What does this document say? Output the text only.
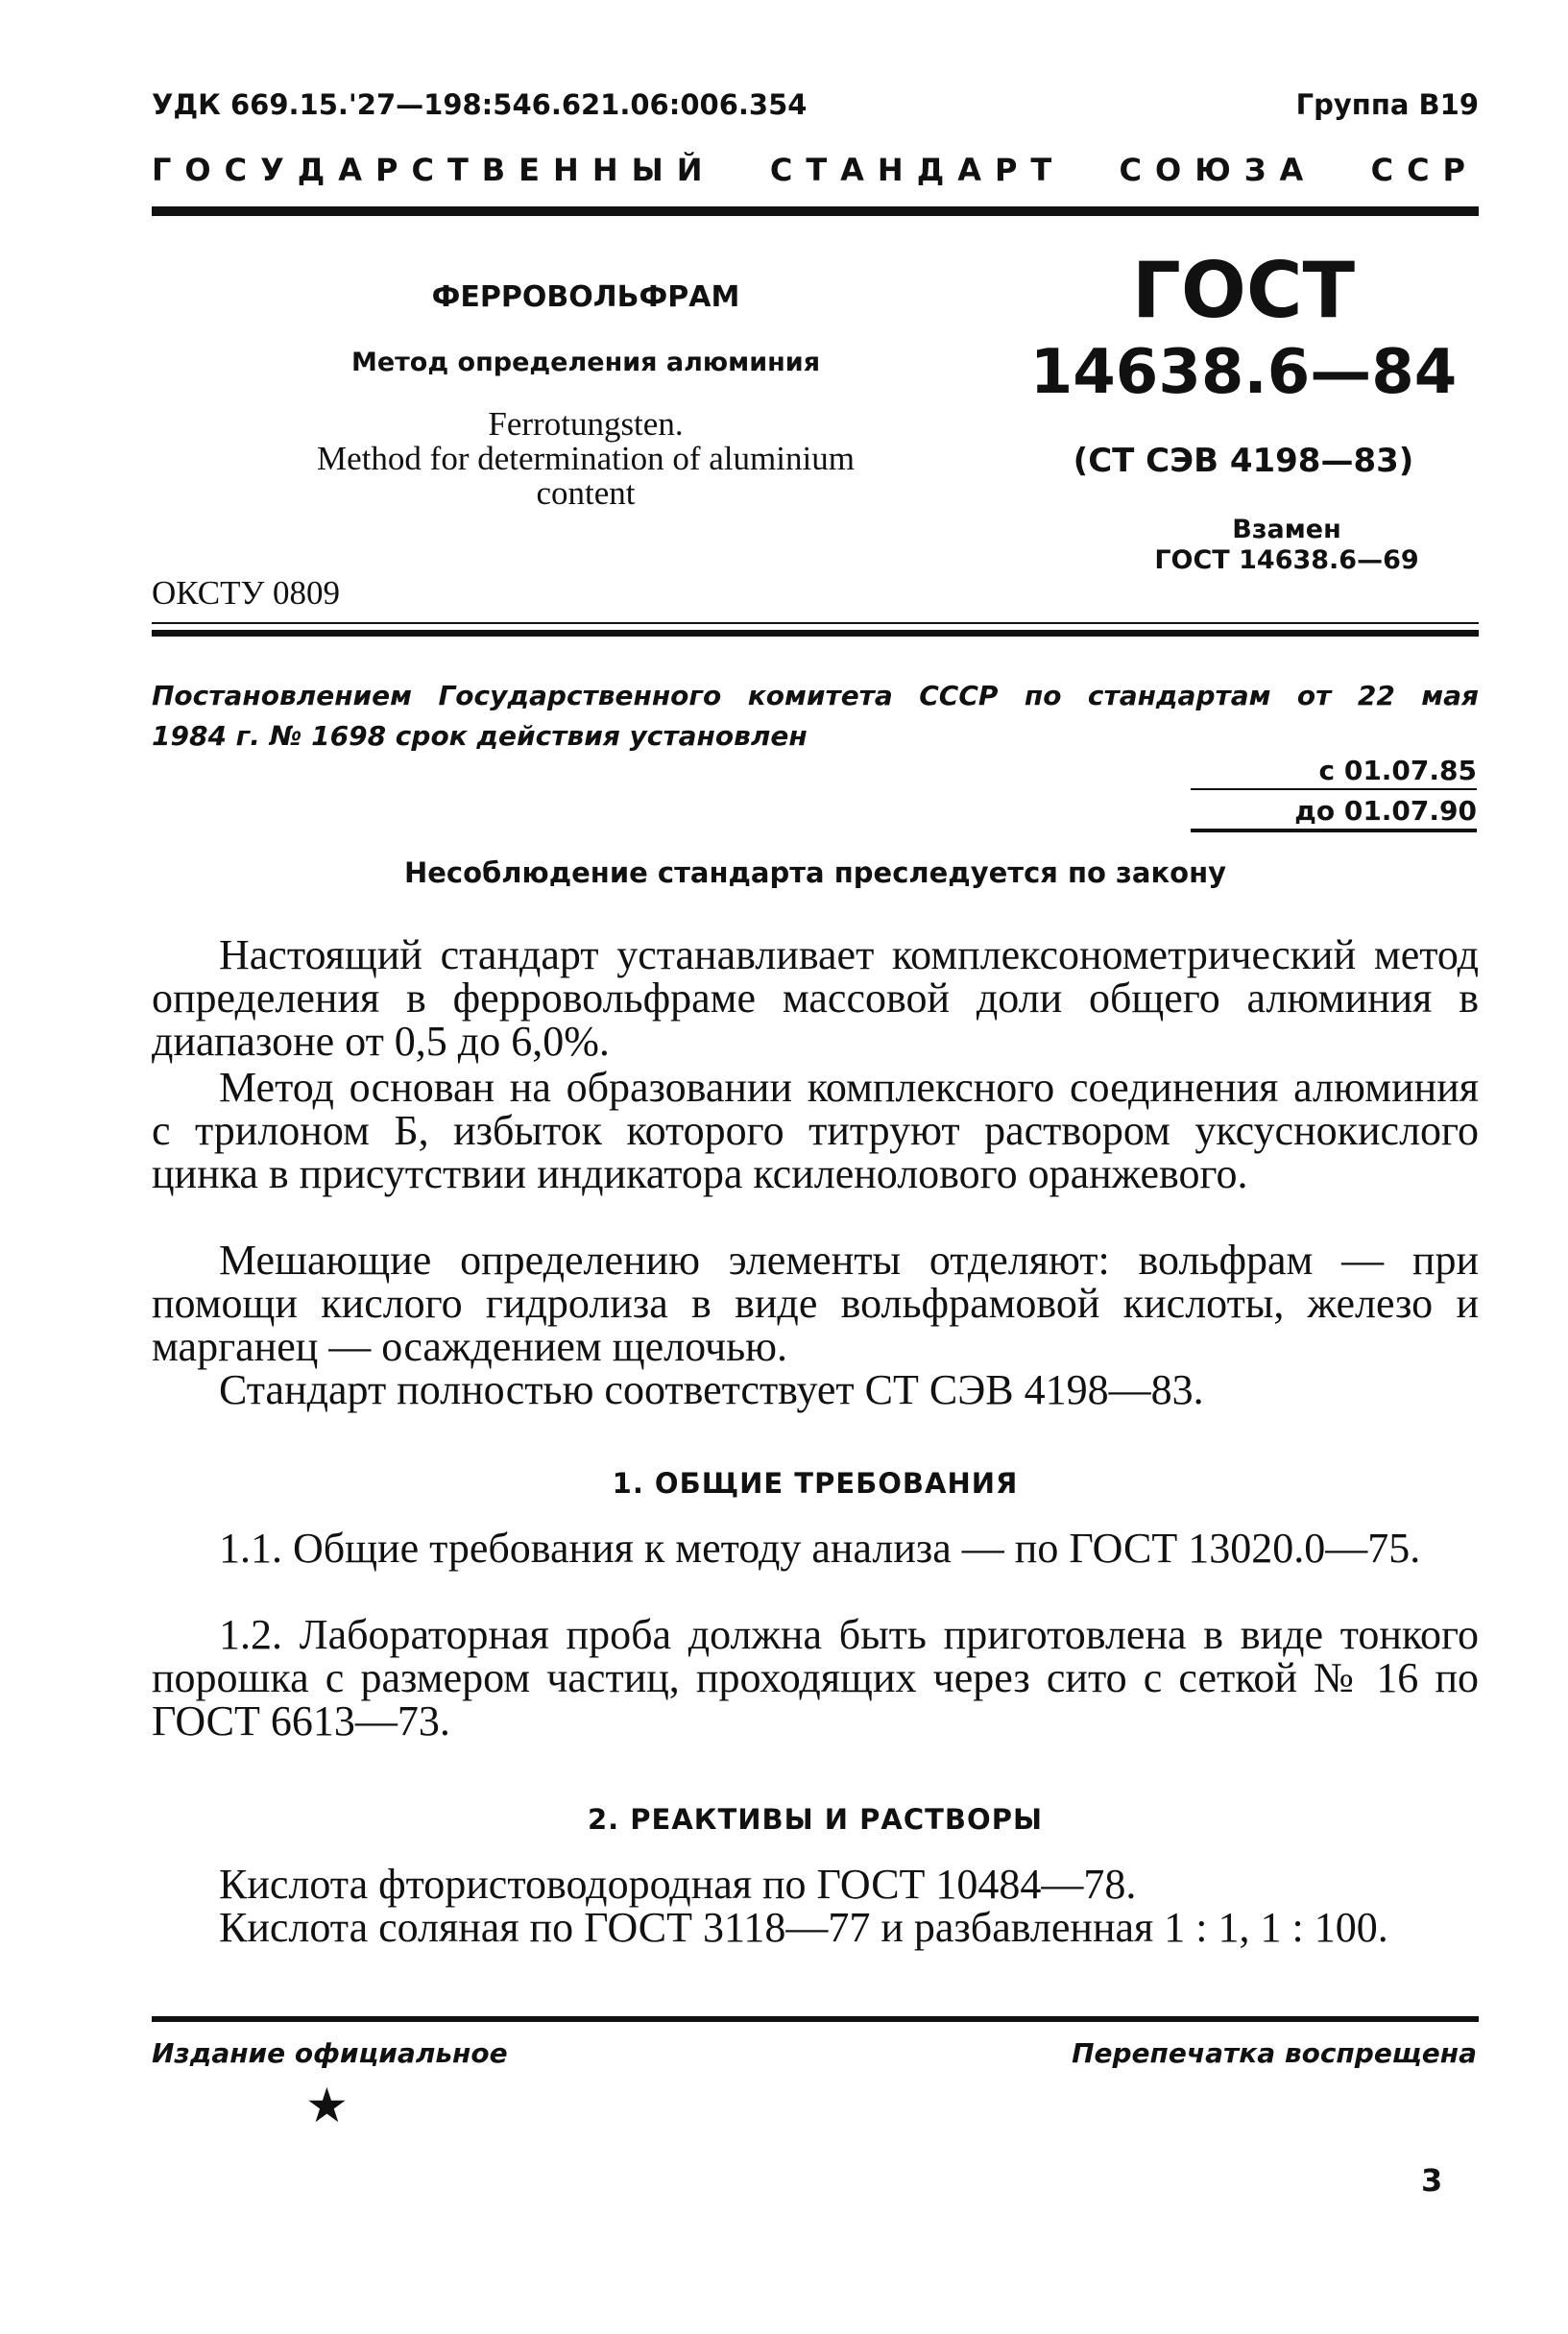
УДК 669.15.'27—198:546.621.06:006.354	Группа В19
ГОСУДАРСТВЕННЫЙ СТАНДАРТ СОЮЗА ССР
ФЕРРОВОЛЬФРАМ
Метод определения алюминия
Ferrotungsten.
Method for determination of aluminium
content
ОКСТУ 0809
ГОСТ
14638.6—84
(СТ СЭВ 4198—83)
Взамен
ГОСТ 14638.6—69
Постановлением Государственного комитета СССР по стандартам от 22 мая
1984 г. № 1698 срок действия установлен
с 01.07.85
до 01.07.90
Несоблюдение стандарта преследуется по закону
Настоящий стандарт устанавливает комплексонометрический метод определения в ферровольфраме массовой доли общего алюминия в диапазоне от 0,5 до 6,0%.
Метод основан на образовании комплексного соединения алюминия с трилоном Б, избыток которого титруют раствором уксуснокислого цинка в присутствии индикатора ксиленолового оранжевого.
Мешающие определению элементы отделяют: вольфрам — при помощи кислого гидролиза в виде вольфрамовой кислоты, железо и марганец — осаждением щелочью.
Стандарт полностью соответствует СТ СЭВ 4198—83.
1. ОБЩИЕ ТРЕБОВАНИЯ
1.1. Общие требования к методу анализа — по ГОСТ 13020.0—75.
1.2. Лабораторная проба должна быть приготовлена в виде тонкого порошка с размером частиц, проходящих через сито с сеткой № 16 по ГОСТ 6613—73.
2. РЕАКТИВЫ И РАСТВОРЫ
Кислота фтористоводородная по ГОСТ 10484—78.
Кислота соляная по ГОСТ 3118—77 и разбавленная 1 : 1, 1 : 100.
Издание официальное	Перепечатка воспрещена
★
3
